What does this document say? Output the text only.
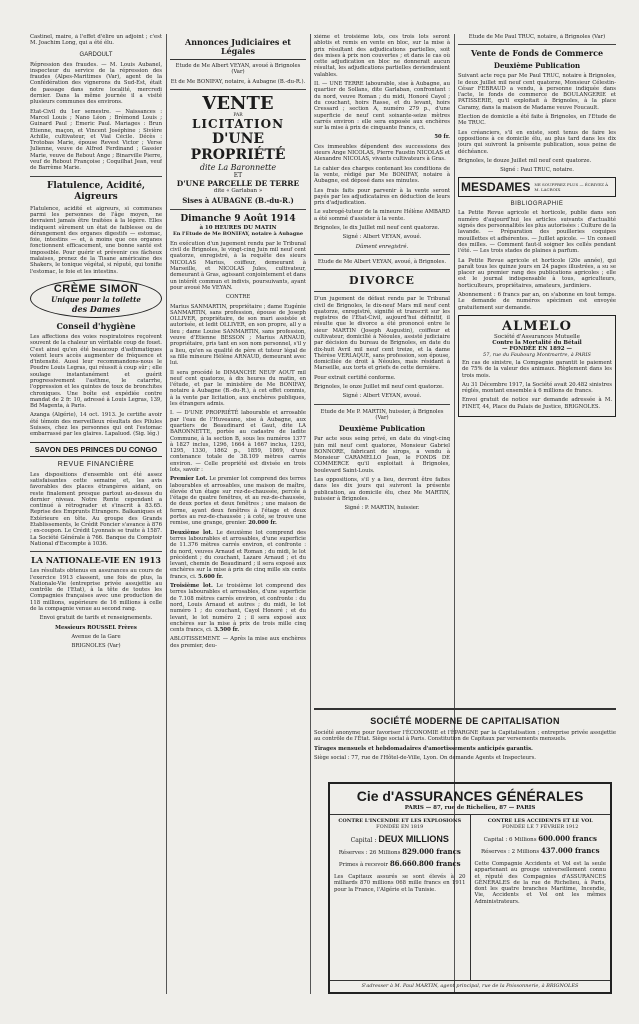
Castinel, maire, à l'effet d'élire un adjoint ; c'est M. Joachim Long, qui a été élu.

GARDOULT

Répression des fraudes. — M. Louis Aubanel, inspecteur du service de la répression des fraudes (Alpes-Maritimes (Var), agent de la Confédération des vignerons du Sud-Est, était de passage dans notre localité, mercredi dernier. Dans la même journée il a visité plusieurs communes des environs.

Etat-Civil du 1er semestre. — Naissances : Marcel Louis ; Nano Léon ; Brémond Louis ; Guinard Paul ; Emeric Paul. Mariages : Brun Etienne, maçon, et Vincent Joséphine ; Sivière Achille, cultivateur, et Vial Cécile. Décès : Trotobas Marie, épouse Revest Victor ; Verse Julienne, veuve de Alfred Ferdinand ; Gassier Marie, veuve de Rebout Ange ; Binarville Pierre, veuf de Rebout Françoise ; Coquilhat Jean, veuf de Barrème Marie.

Flatulence, Acidité, Aigreurs

Flatulence, acidité et aigreurs, si communes parmi les personnes de l'âge moyen, ne devraient jamais être traitées à la légère. Elles indiquent sûrement un état de faiblesse ou de dérangement des organes digestifs — estomac, foie, intestins — et, à moins que ces organes fonctionnent efficacement, une bonne santé est impossible. Pour guérir et prévenir ces fâcheux malaises, prenez de la Tisane américaine des Shakers, le tonique végétal, si réputé, qui tonifie l'estomac, le foie et les intestins.

CRÈME SIMON
Unique pour la toilette
des Dames
Conseil d'hygiène

Les affections des voies respiratoires reçoivent souvent de la chaleur un véritable coup de fouet. C'est ainsi qu'en été beaucoup d'asthmatiques voient leurs accès augmenter de fréquence et d'intensité. Aussi leur recommandons-nous le Poudre Louis Legras, qui réussit à coup sûr ; elle soulage instantanément et guérit progressivement l'asthme, le catarrhe, l'oppression et les quintes de toux de bronchites chroniques. Une boîte est expédiée contre mandat de 2 fr. 10, adressé à Louis Legras, 139, Bd Magenta, à Paris.

Azanga (Algérie), 14 oct. 1913. Je certifie avoir été témoin des merveilleux résultats des Pilules Suisses, chez les personnes qui ont l'estomac embarrassé par les glaires. Lapaluod. (Sig. lég.)

SAVON DES PRINCES DU CONGO
REVUE FINANCIÈRE

Les dispositions d'ensemble ont été assez satisfaisantes cette semaine et, les avis favorables des places étrangères aidant, on reste finalement presque partout au-dessus du dernier niveau. Notre Rente cependant a continué à rétrograder et s'inscrit à 83.65. Reprise des Emprunts Etrangers. Balkaniques et Extérieure en tête. Au groupe des Grands Etablissements, le Crédit Foncier s'avance à 876 ; ex-coupon. Le Crédit Lyonnais se traite à 1587. La Société Générale à 766. Banque du Comptoir National d'Escompte à 1036.

LA NATIONALE-VIE EN 1913

Les résultats obtenus en assurances au cours de l'exercice 1913 classent, une fois de plus, la Nationale-Vie (entreprise privée assujettie au contrôle de l'Etat), à la tête de toutes les Compagnies françaises avec une production de 118 millions, supérieure de 16 millions à celle de la compagnie venue au second rang.

Envoi gratuit de tarifs et renseignements.

Messieurs ROUSSEL Frères

Avenue de la Gare

BRIGNOLES (Var)

Annonces Judiciaires et Légales

Etude de Me Albert VEYAN, avoué à Brignoles (Var)

Et de Me BONIFAY, notaire, à Aubagne (B.-du-R.).

VENTE
PAR
LICITATION
D'UNE PROPRIÉTÉ
dite La Baronnette
ET
D'UNE PARCELLE DE TERRE
dite « Garlaban »
Sises à AUBAGNE (B.-du-R.)
Dimanche 9 Août 1914
à 10 HEURES DU MATIN
En l'Etude de Me BONIFAY, notaire à Aubagne

En exécution d'un jugement rendu par le Tribunal civil de Brignoles, le vingt-cinq Juin mil neuf cent quatorze, enregistré, à la requête des sieurs NICOLAS Marius, coiffeur, demeurant à Marseille, et NICOLAS Jules, cultivateur, demeurant à Gras, agissant conjointement et dans un intérêt commun et indivis, poursuivants, ayant pour avoué Me VEYAN.

CONTRE

Marius SANMARTIN, propriétaire ; dame Eugénie SANMARTIN, sans profession, épouse de Joseph OLLIVER, propriétaire, de son mari assistée et autorisée, et ledit OLLIVER, en son propre, all y a lieu ; dame Louise SANMARTIN, sans profession, veuve d'Etienne BESSON ; Marius ARNAUD, propriétaire, pris tant en son nom personnel, s'il y a lieu, qu'en sa qualité de père et tuteur légal de sa fille mineure Hélène ARNAUD, demeurant avec lui.

Il sera procédé le DIMANCHE NEUF AOUT mil neuf cent quatorze, à dix heures du matin, en l'étude, et par le ministère de Me BONIFAY, notaire à Aubagne (B.-du-R.), à cet effet commis, à la vente par licitation, aux enchères publiques, les étrangers admis.

I. — D'UNE PROPRIÉTÉ labourable et arrosable par l'eau de l'Huveaune, sise à Aubagne, aux quartiers de Beaudinard et Gaut, dite LA BARONNETTE, portée au cadastre de ladite Commune, à la section B, sous les numéros 1377 à 1827 inclus, 1296, 1664 à 1667 inclus, 1293, 1295, 1330, 1862 p., 1859, 1869, d'une contenance totale de 38.109 mètres carrés environ. — Celle propriété est divisée en trois lots, savoir :

Premier Lot. Le premier lot comprend des terres labourables et arrosables, une maison de maître, élevée d'un étage sur rez-de-chaussée, percée à l'étage de quatre fenêtres, et au rez-de-chaussée, de deux portes et deux fenêtres ; une maison de ferme, ayant deux fenêtres à l'étage et deux portes au rez-de-chaussée ; à coté, se trouve une remise, une grange, grenier. 20.000 fr.

Deuxième lot. Le deuxième lot comprend des terres labourables et arrosables, d'une superficie de 11.376 mètres carrés environ, et confronte : du nord, veuves Arnaud et Roman ; du midi, le lot précédent ; du couchant, Lazare Arnaud ; et du levant, chemin de Beaudinard ; il sera exposé aux enchères sur la mise à prix de cinq mille six cents francs, ci. 5.600 fr.

Troisième lot. Le troisième lot comprend des terres labourables et arrosables, d'une superficie de 7.108 mètres carrés environ, et confronte : du nord, Louis Arnaud et autres ; du midi, le lot numéro 1 ; du couchant, Cayol Honoré ; et du levant, le lot numéro 2 ; il sera exposé aux enchères sur la mise à prix de trois mille cinq cents francs, ci. 3.500 fr.

ABLOTISSEMENT. — Après la mise aux enchères des premier, deu-

xième et troisième lots, ces trois lots seront ablotis et remis en vente en bloc, sur la mise à prix résultant des adjudications partielles, soit des mises à prix non couvertes ; et dans le cas où cette adjudication en bloc ne donnerait aucun résultat, les adjudications partielles deviendraient valables.

II. — UNE TERRE labourable, sise à Aubagne, au quartier de Sollans, dite Garlaban, confrontant : du nord, veuve Roman ; du midi, Honoré Cayol ; du couchant, hoirs Rasse, et du levant, hoirs Cressard ; section A, numéro 279 p., d'une superficie de neuf cent soixante-seize mètres carrés environ : elle sera exposée aux enchères sur la mise à prix de cinquante francs, ci.

50 fr.

Ces immeubles dépendent des successions des sieurs Ange NICOLAS, Pierre Faustin NICOLAS et Alexandre NICOLAS, vivants cultivateurs à Gras.

Le cahier des charges contenant les conditions de la vente, rédigé par Me BONIFAY, notaire à Aubagne, est déposé dans ses minutes.

Les frais faits pour parvenir à la vente seront payés par les adjudicataires en déduction de leurs prix d'adjudication.

Le subrogé-tuteur de la mineure Hélène AMBARD a été sommé d'assister à la vente.

Brignoles, le dix Juillet mil neuf cent quatorze.

Signé : Albert VEYAN, avoué.

Dûment enregistré.

Etude de Me Albert VEYAN, avoué, à Brignoles.

DIVORCE

D'un jugement de défaut rendu par le Tribunal civil de Brignoles, le dix-neuf Mars mil neuf cent quatorze, enregistré, signifié et transcrit sur les registres de l'Etat-Civil, aujourd'hui définitif, il résulte que le divorce a été prononcé entre le sieur MARTIN (Joseph Augustin), coiffeur et cultivateur, domicilié à Néoules, assisté judiciaire par décision du bureau de Brignoles, en date du dix-huit Avril mil neuf cent treize, et la dame Thérèse VERLAQUE, sans profession, son épouse, domiciliée de droit à Néoules, mais résidant à Marseille, aux torts et griefs de cette dernière.

Pour extrait certifié conforme.

Brignoles, le onze Juillet mil neuf cent quatorze.

Signé : Albert VEYAN, avoué.

Etude de Me P. MARTIN, huissier, à Brignoles (Var)

Deuxième Publication

Par acte sous seing privé, en date du vingt-cinq juin mil neuf cent quatorze, Monsieur Gabriel BONNORE, fabricant de sirops, a vendu à Monsieur CARAMELLO Jean, le FONDS DE COMMERCE qu'il exploitait à Brignoles, boulevard Saint-Louis.

Les oppositions, s'il y a lieu, devront être faites dans les dix jours qui suivront la présente publication, au domicile élu, chez Me MARTIN, huissier à Brignoles.

Signé : P. MARTIN, huissier.

Etude de Me Paul TRUC, notaire, à Brignoles (Var)

Vente de Fonds de Commerce
Deuxième Publication

Suivant acte reçu par Me Paul TRUC, notaire à Brignoles, le deux Juillet mil neuf cent quatorze, Monsieur Célestin-César FEBRAUD a vendu, à personne indiquée dans l'acte, le fonds de commerce de BOULANGERIE et PATISSERIE, qu'il exploitait à Brignoles, à la place Caramy, dans la maison de Madame veuve Foucault.

Election de domicile a été faite à Brignoles, en l'Etude de Me TRUC.

Les créanciers, s'il en existe, sont tenus de faire les oppositions à ce domicile élu, au plus tard dans les dix jours qui suivront la présente publication, sous peine de déchéance.

Brignoles, le douze Juillet mil neuf cent quatorze.

Signé : Paul TRUC, notaire.

MESDAMES NE SOUFFREZ PLUS — ÉCRIVEZ À M. LACROIX
BIBLIOGRAPHIE

La Petite Revue agricole et horticole, publie dans son numéro d'aujourd'hui les articles suivants d'actualité signés des personnalités les plus autorisées : Culture de la lavande. — Préparation des pouilleries coquipes mouillettes et adhérentes. — Juillet apicole. — Un conseil des milles. — Comment faut-il soigner les cellés pendant l'été. — Les trois stades de plaines à parfum.

La Petite Revue agricole et horticole (20e année), qui paraît tous les quinze jours en 24 pages illustrées, a su se placer au premier rang des publications agricoles ; elle est le journal indispensable à tous, agriculteurs, horticulteurs, propriétaires, amateurs, jardiniers.

Abonnement : 6 francs par an, on s'abonne en tout temps. Le demande de numéros spécimen est envoyée gratuitement sur demande.

ALMELO
Société d'Assurances Mutuelle
Contre la Mortalité du Bétail
— FONDÉE EN 1892 —
57, rue du Faubourg Montmartre, à PARIS

En cas de sinistre, la Compagnie garantit le paiement de 75% de la valeur des animaux. Règlement dans les trois mois.

Au 31 Décembre 1917, la Société avait 20.482 sinistres réglés, montant ensemble à 6 millions de francs.

Envoi gratuit de notice sur demande adressée à M. FINET, 44, Place du Palais de Justice, BRIGNOLES.

SOCIÉTÉ MODERNE DE CAPITALISATION

Société anonyme pour favoriser l'ÉCONOMIE et l'ÉPARGNE par la Capitalisation ; entreprise privée assujettie au contrôle de l'État. Siège social à Paris. Constitution de Capitaux par versements mensuels.

Tirages mensuels et hebdomadaires d'amortissements anticipés garantis.

Siège social : 77, rue de l'Hôtel-de-Ville, Lyon. On demande Agents et Inspecteurs.

Cie d'ASSURANCES GÉNÉRALES
PARIS — 87, rue de Richelieu, 87 — PARIS
CONTRE L'INCENDIE ET LES EXPLOSIONS
FONDÉE EN 1819
Capital : DEUX MILLIONS
Réserves : 26 Millions 829.000 francs
Primes à recevoir 86.660.800 francs

Les Capitaux assurés se sont élevés à 20 milliards 870 millions 068 mille francs en 1911 pour la France, l'Algérie et la Tunisie.

CONTRE LES ACCIDENTS ET LE VOL
FONDÉE LE 7 FÉVRIER 1912
Capital : 6 Millions 600.000 francs
Réserves : 2 Millions 437.000 francs

Cette Compagnie Accidents et Vol est la seule appartenant au groupe universellement connu et réputé des Compagnies d'ASSURANCES GÉNÉRALES de la rue de Richelieu, à Paris, dont les quatre branches Maritime, Incendie, Vie, Accidents et Vol ont les mêmes Administrateurs.

S'adresser à M. Paul MARTIN, agent principal, rue de la Poissonnerie, à BRIGNOLES
